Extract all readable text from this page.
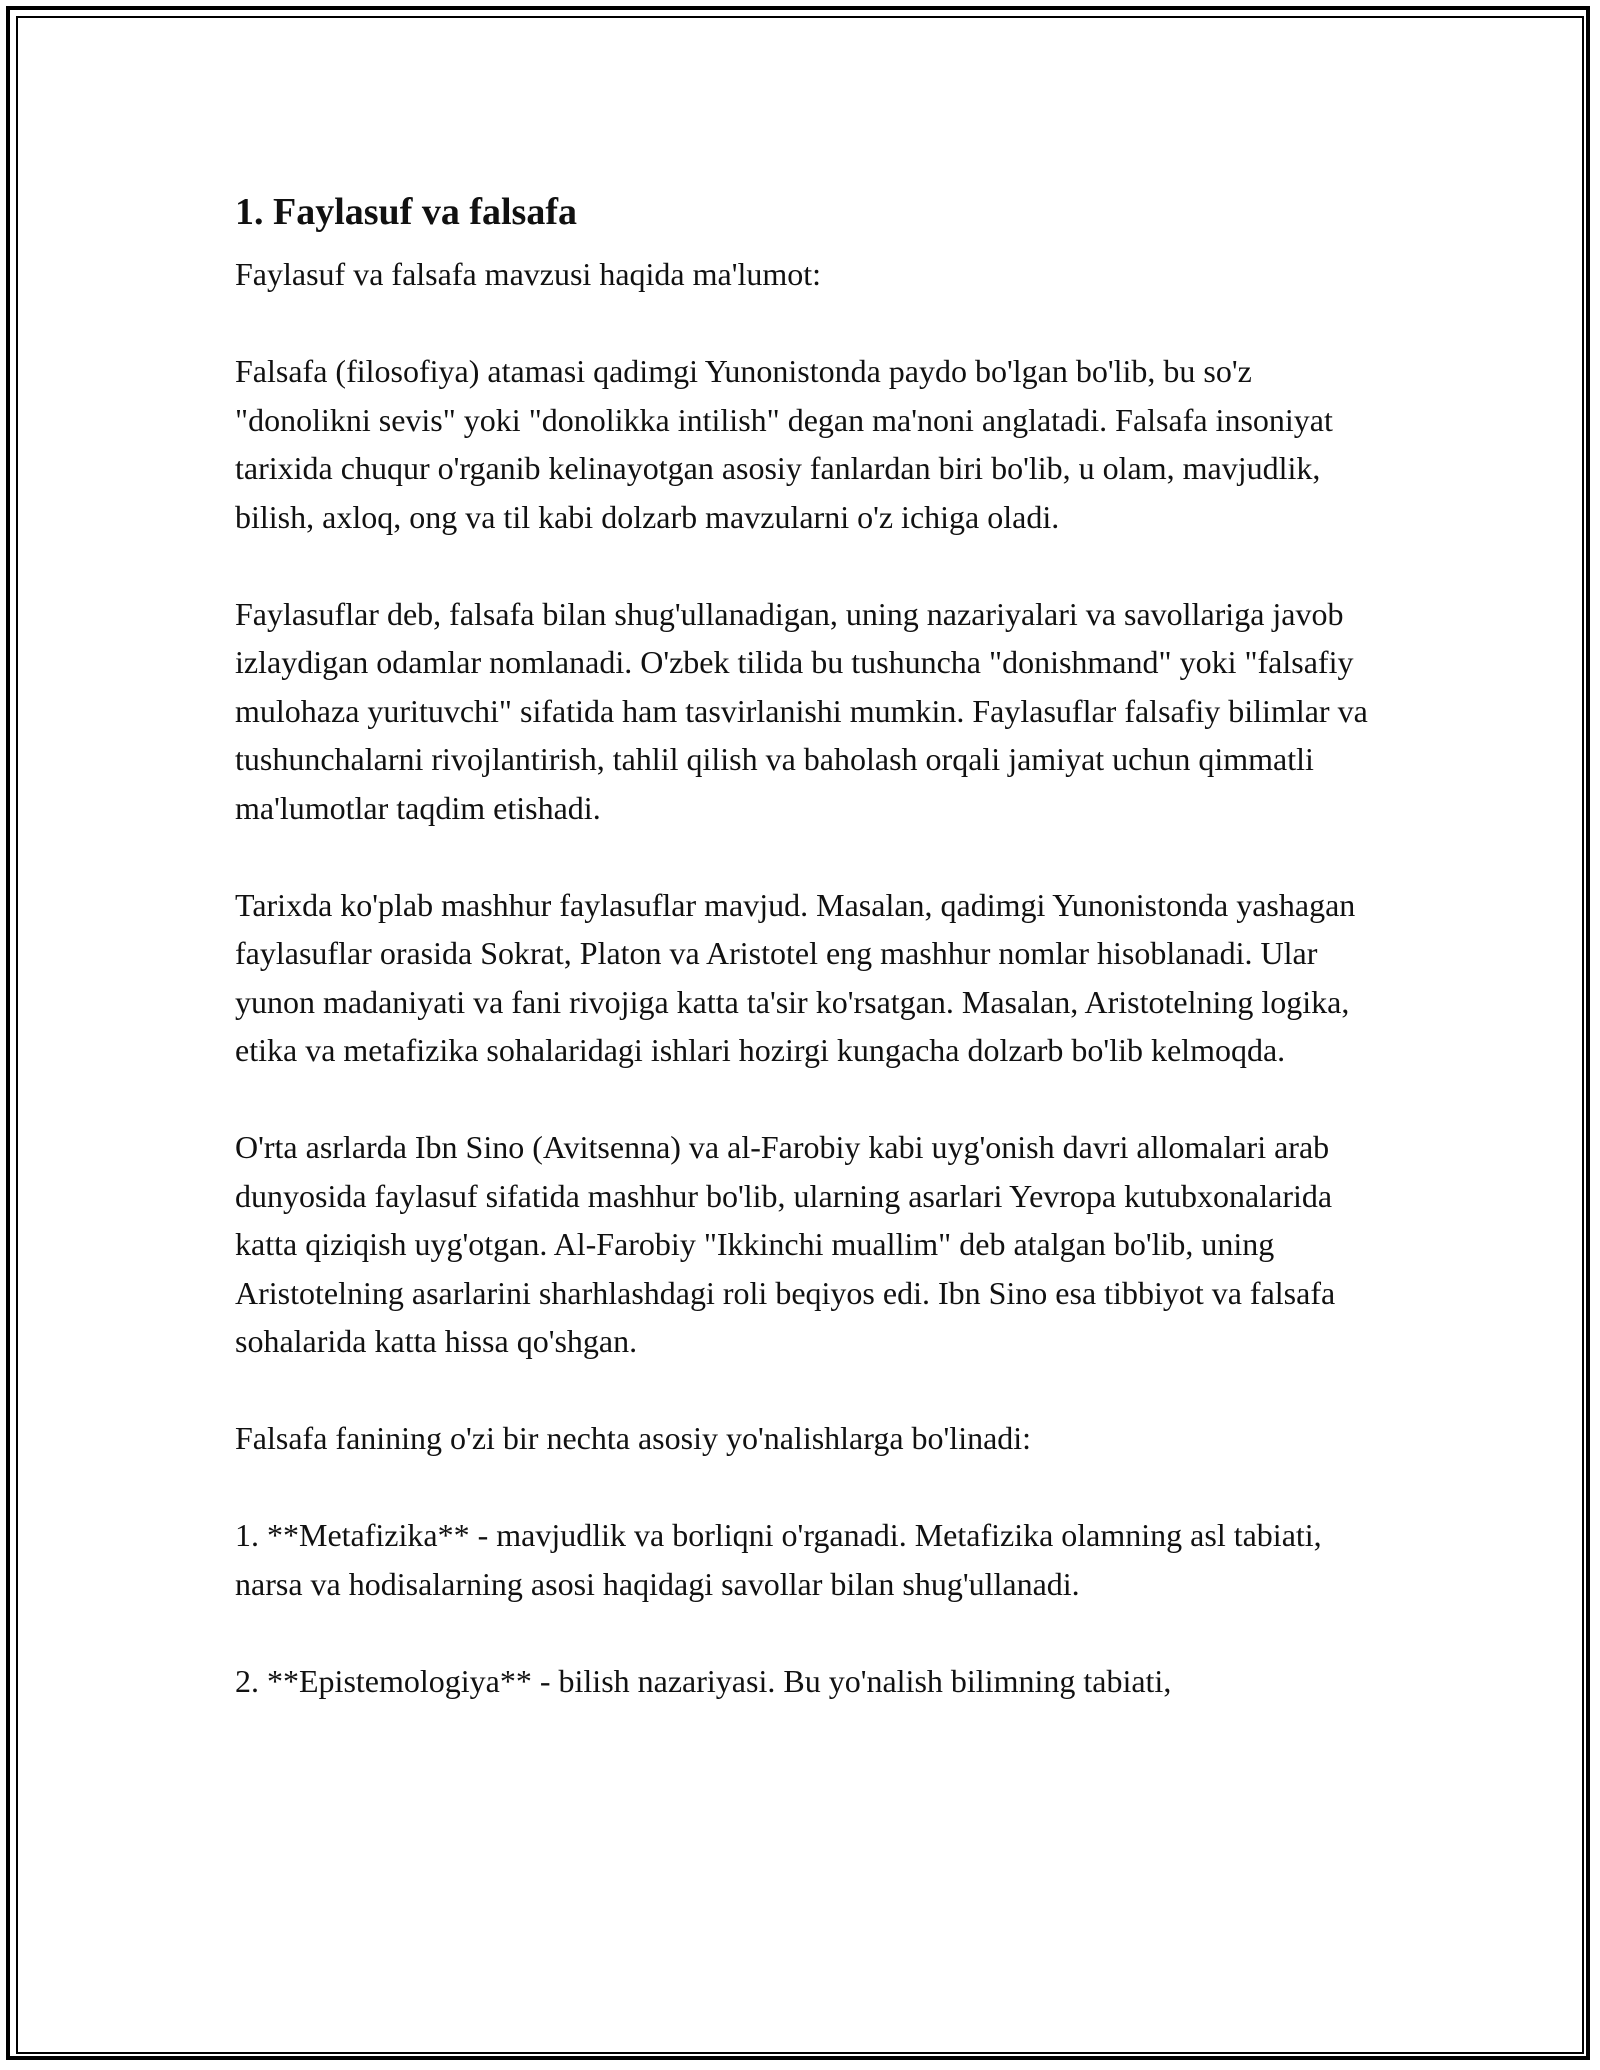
1. Faylasuf va falsafa

Faylasuf va falsafa mavzusi haqida ma'lumot:

Falsafa (filosofiya) atamasi qadimgi Yunonistonda paydo bo'lgan bo'lib, bu so'z "donolikni sevis" yoki "donolikka intilish" degan ma'noni anglatadi. Falsafa insoniyat tarixida chuqur o'rganib kelinayotgan asosiy fanlardan biri bo'lib, u olam, mavjudlik, bilish, axloq, ong va til kabi dolzarb mavzularni o'z ichiga oladi.

Faylasuflar deb, falsafa bilan shug'ullanadigan, uning nazariyalari va savollariga javob izlaydigan odamlar nomlanadi. O'zbek tilida bu tushuncha "donishmand" yoki "falsafiy mulohaza yurituvchi" sifatida ham tasvirlanishi mumkin. Faylasuflar falsafiy bilimlar va tushunchalarni rivojlantirish, tahlil qilish va baholash orqali jamiyat uchun qimmatli ma'lumotlar taqdim etishadi.

Tarixda ko'plab mashhur faylasuflar mavjud. Masalan, qadimgi Yunonistonda yashagan faylasuflar orasida Sokrat, Platon va Aristotel eng mashhur nomlar hisoblanadi. Ular yunon madaniyati va fani rivojiga katta ta'sir ko'rsatgan. Masalan, Aristotelning logika, etika va metafizika sohalaridagi ishlari hozirgi kungacha dolzarb bo'lib kelmoqda.

O'rta asrlarda Ibn Sino (Avitsenna) va al-Farobiy kabi uyg'onish davri allomalari arab dunyosida faylasuf sifatida mashhur bo'lib, ularning asarlari Yevropa kutubxonalarida katta qiziqish uyg'otgan. Al-Farobiy "Ikkinchi muallim" deb atalgan bo'lib, uning Aristotelning asarlarini sharhlashdagi roli beqiyos edi. Ibn Sino esa tibbiyot va falsafa sohalarida katta hissa qo'shgan.

Falsafa fanining o'zi bir nechta asosiy yo'nalishlarga bo'linadi:

1. **Metafizika** - mavjudlik va borliqni o'rganadi. Metafizika olamning asl tabiati, narsa va hodisalarning asosi haqidagi savollar bilan shug'ullanadi.

2. **Epistemologiya** - bilish nazariyasi. Bu yo'nalish bilimning tabiati,
